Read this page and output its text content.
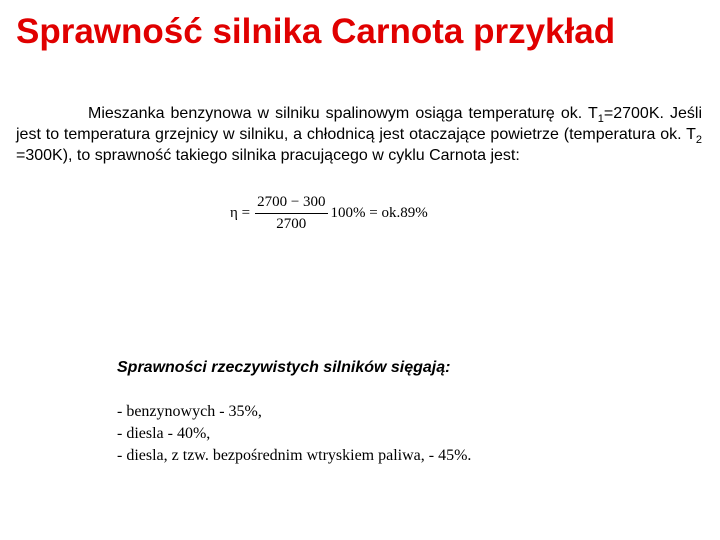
Sprawność silnika Carnota przykład

Mieszanka benzynowa w silniku spalinowym osiąga temperaturę ok. $T_1=2700K$. Jeśli jest to temperatura grzejnicy w silniku, a chłodnicą jest otaczające powietrze (temperatura ok. $T_2 =300K$), to sprawność takiego silnika pracującego w cyklu Carnota jest:

$\eta = \frac{2700 - 300}{2700} 100\% = ok.89\%$

Sprawności rzeczywistych silników sięgają:

- benzynowych - 35%,
- diesla - 40%,
- diesla, z tzw. bezpośrednim wtryskiem paliwa, - 45%.
